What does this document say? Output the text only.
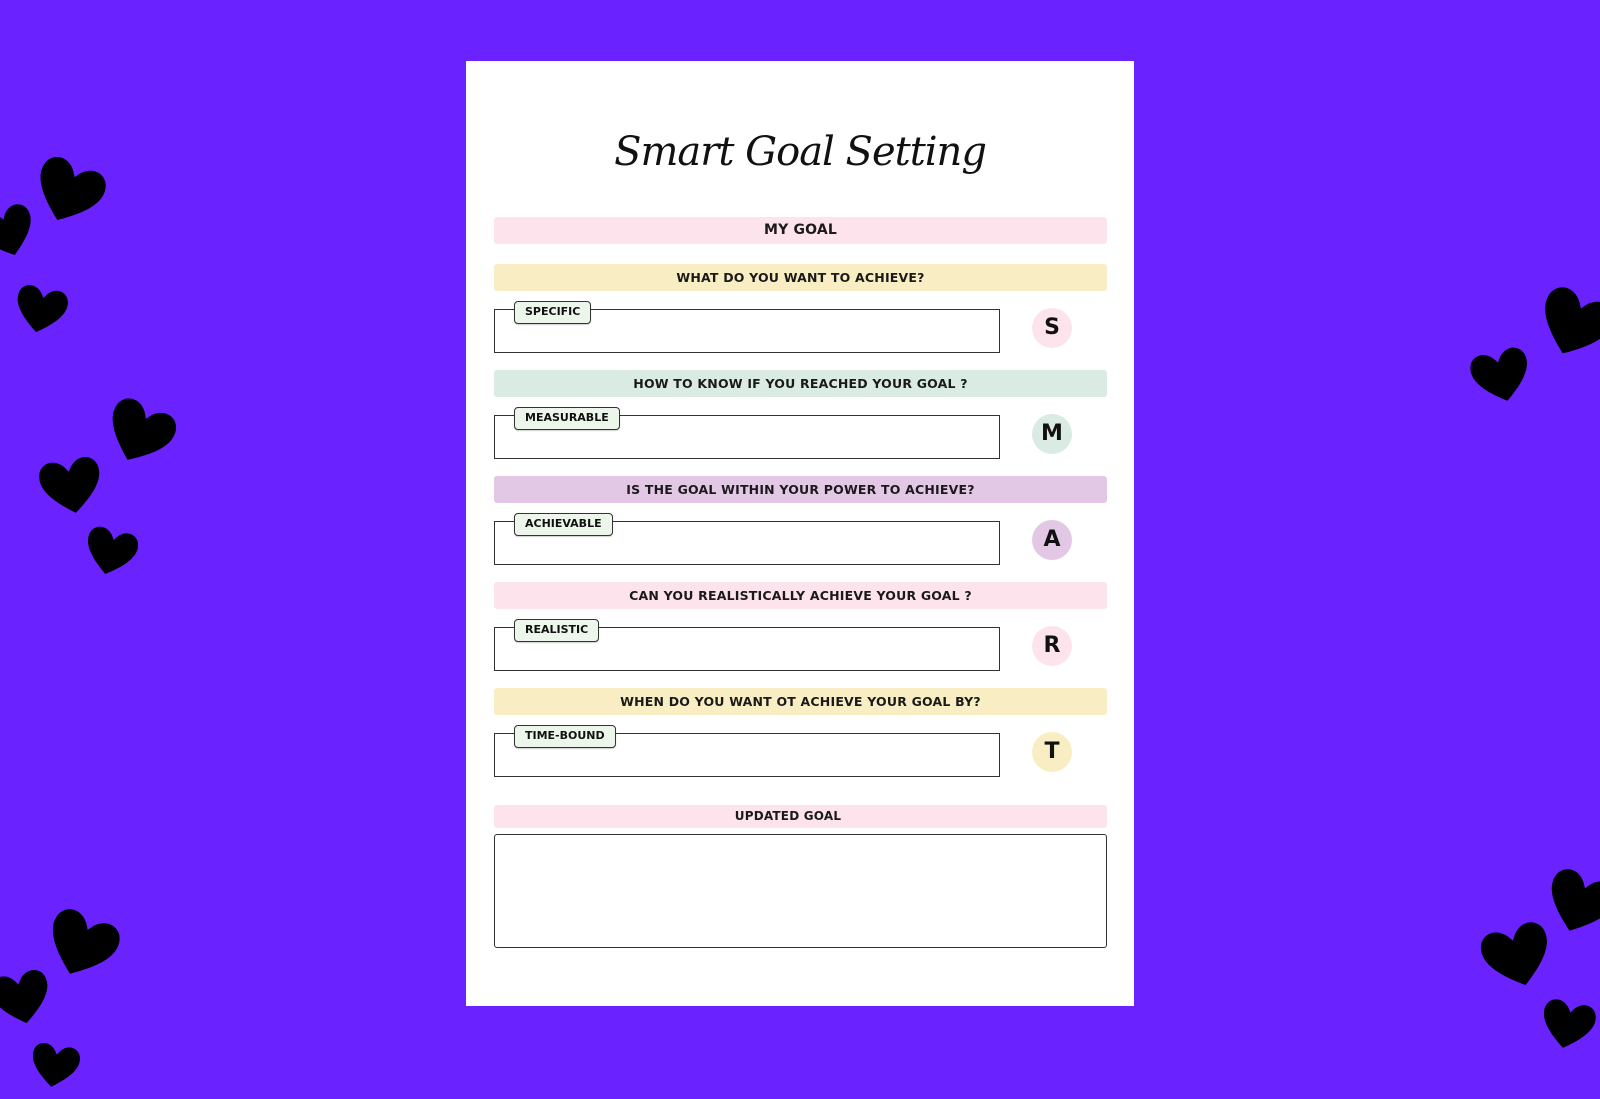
Smart Goal Setting
MY GOAL
WHAT DO YOU WANT TO ACHIEVE?
SPECIFIC
S
HOW TO KNOW IF YOU REACHED YOUR GOAL ?
MEASURABLE
M
IS THE GOAL WITHIN YOUR POWER TO ACHIEVE?
ACHIEVABLE
A
CAN YOU REALISTICALLY ACHIEVE YOUR GOAL ?
REALISTIC
R
WHEN DO YOU WANT OT ACHIEVE YOUR GOAL BY?
TIME-BOUND
T
UPDATED GOAL
